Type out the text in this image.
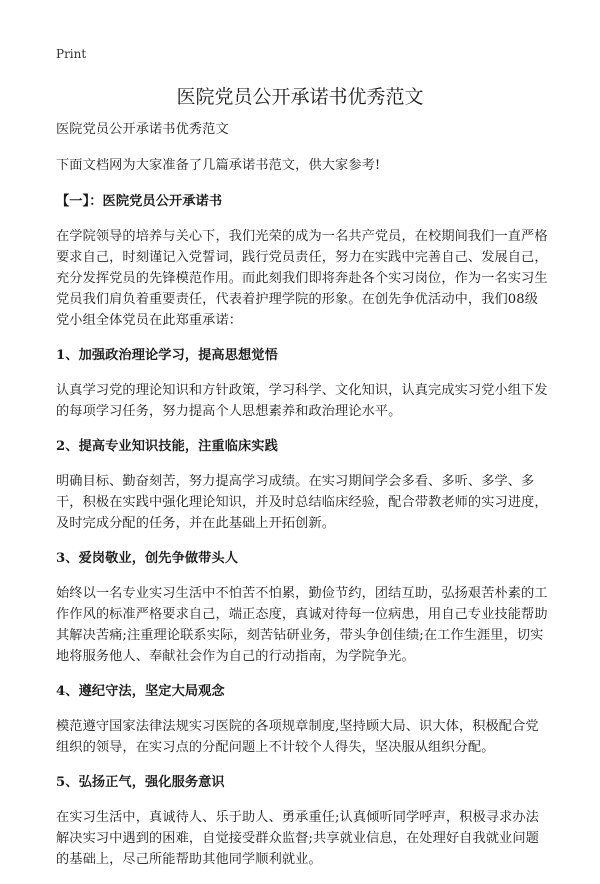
Print
医院党员公开承诺书优秀范文

医院党员公开承诺书优秀范文

下面文档网为大家准备了几篇承诺书范文，供大家参考!

【一】：医院党员公开承诺书

在学院领导的培养与关心下，我们光荣的成为一名共产党员，在校期间我们一直严格要求自己，时刻谨记入党誓词，践行党员责任，努力在实践中完善自己、发展自己，充分发挥党员的先锋模范作用。而此刻我们即将奔赴各个实习岗位，作为一名实习生党员我们肩负着重要责任，代表着护理学院的形象。在创先争优活动中，我们08级党小组全体党员在此郑重承诺：

1、加强政治理论学习，提高思想觉悟

认真学习党的理论知识和方针政策，学习科学、文化知识，认真完成实习党小组下发的每项学习任务，努力提高个人思想素养和政治理论水平。

2、提高专业知识技能，注重临床实践

明确目标、勤奋刻苦，努力提高学习成绩。在实习期间学会多看、多听、多学、多干，积极在实践中强化理论知识，并及时总结临床经验，配合带教老师的实习进度，及时完成分配的任务，并在此基础上开拓创新。

3、爱岗敬业，创先争做带头人

始终以一名专业实习生活中不怕苦不怕累，勤俭节约，团结互助，弘扬艰苦朴素的工作作风的标准严格要求自己，端正态度，真诚对待每一位病患，用自己专业技能帮助其解决苦痛;注重理论联系实际，刻苦钻研业务，带头争创佳绩;在工作生涯里，切实地将服务他人、奉献社会作为自己的行动指南，为学院争光。

4、遵纪守法，坚定大局观念

模范遵守国家法律法规实习医院的各项规章制度,坚持顾大局、识大体，积极配合党组织的领导，在实习点的分配问题上不计较个人得失，坚决服从组织分配。

5、弘扬正气，强化服务意识

在实习生活中，真诚待人、乐于助人、勇承重任;认真倾听同学呼声，积极寻求办法解决实习中遇到的困难，自觉接受群众监督;共享就业信息，在处理好自我就业问题的基础上，尽己所能帮助其他同学顺利就业。
